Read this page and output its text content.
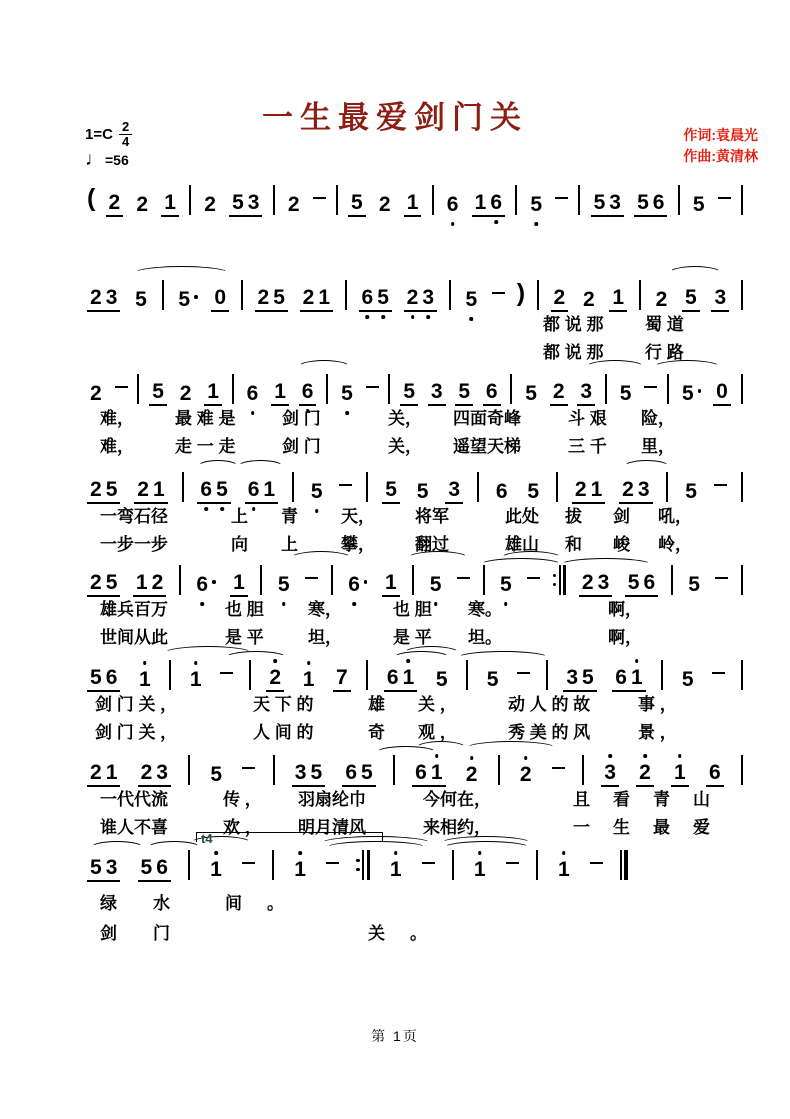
一生最爱剑门关
$1=C \frac{2}{4}$
♩ =56
作词:袁晨光
作曲:黄清林
( 2 2 1 2 5 3 2 5 2 1 6 1 6 5 5 3 5 6 5
2 3 5 5 0 2 5 2 1 6 5 2 3 5 ) 2 2 1 2 5 3
都 说 那 蜀 道
都 说 那 行 路
2 5 2 1 6 1 6 5 5 3 5 6 5 2 3 5 5 0
难， 最 难 是	剑 门	关， 四面奇峰	斗 艰 险，
难， 走 一 走	剑 门	关， 遥望天梯	三 千 里，
2 5 2 1 6 5 6 1 5	5 5 3 6 5 2 1 2 3 5
一弯石径	上 青	天， 将军	此处 拔 剑 吼，
一步一步	向 上	攀， 翻过	雄山 和 峻 岭，
2 5 1 2 6 1 5	6 1 5	5	2 3 5 6 5
雄兵百万	也 胆	寒，	也 胆 寒。	啊，
世间从此	是 平	坦，	是 平 坦。	啊，
5 6 1 1	2 1 7 6 1 5 5	3 5 6 1 5
剑 门 关 ，	天 下 的	雄 关 ，	动 人 的 故	事 ，
剑 门 关 ，	人 间 的	奇 观 ，	秀 美 的 风	景 ，
2 1 2 3 5	3 5 6 5 6 1 2 2	3 2 1 6
一代代流	传 ， 羽扇纶巾	今何在，	且 看 青 山
谁人不喜	欢 ， 明月清风	来相约，	一 生 最 爱
5 3 5 6 1	1	1	1	1
绿 水	间 。
剑 门	关 。
t4
第 1页
